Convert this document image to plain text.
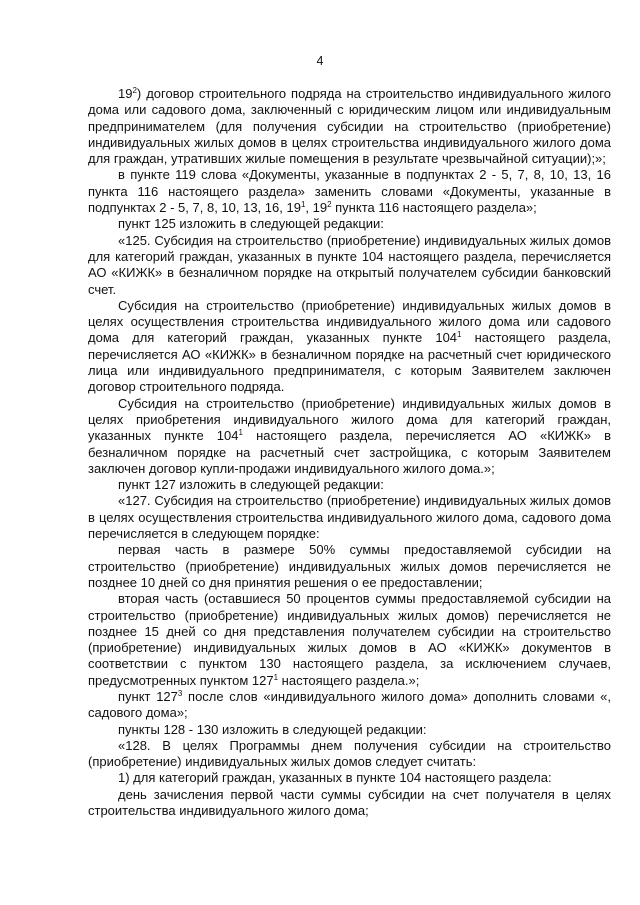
4

$19^2$) договор строительного подряда на строительство индивидуального жилого дома или садового дома, заключенный с юридическим лицом или индивидуальным предпринимателем (для получения субсидии на строительство (приобретение) индивидуальных жилых домов в целях строительства индивидуального жилого дома для граждан, утративших жилые помещения в результате чрезвычайной ситуации);»;

в пункте 119 слова «Документы, указанные в подпунктах 2 - 5, 7, 8, 10, 13, 16 пункта 116 настоящего раздела» заменить словами «Документы, указанные в подпунктах 2 - 5, 7, 8, 10, 13, 16, $19^1$, $19^2$ пункта 116 настоящего раздела»;

пункт 125 изложить в следующей редакции:

«125. Субсидия на строительство (приобретение) индивидуальных жилых домов для категорий граждан, указанных в пункте 104 настоящего раздела, перечисляется АО «КИЖК» в безналичном порядке на открытый получателем субсидии банковский счет.

Субсидия на строительство (приобретение) индивидуальных жилых домов в целях осуществления строительства индивидуального жилого дома или садового дома для категорий граждан, указанных пункте $104^1$ настоящего раздела, перечисляется АО «КИЖК» в безналичном порядке на расчетный счет юридического лица или индивидуального предпринимателя, с которым Заявителем заключен договор строительного подряда.

Субсидия на строительство (приобретение) индивидуальных жилых домов в целях приобретения индивидуального жилого дома для категорий граждан, указанных пункте $104^1$ настоящего раздела, перечисляется АО «КИЖК» в безналичном порядке на расчетный счет застройщика, с которым Заявителем заключен договор купли-продажи индивидуального жилого дома.»;

пункт 127 изложить в следующей редакции:

«127. Субсидия на строительство (приобретение) индивидуальных жилых домов в целях осуществления строительства индивидуального жилого дома, садового дома перечисляется в следующем порядке:

первая часть в размере 50% суммы предоставляемой субсидии на строительство (приобретение) индивидуальных жилых домов перечисляется не позднее 10 дней со дня принятия решения о ее предоставлении;

вторая часть (оставшиеся 50 процентов суммы предоставляемой субсидии на строительство (приобретение) индивидуальных жилых домов) перечисляется не позднее 15 дней со дня представления получателем субсидии на строительство (приобретение) индивидуальных жилых домов в АО «КИЖК» документов в соответствии с пунктом 130 настоящего раздела, за исключением случаев, предусмотренных пунктом $127^1$ настоящего раздела.»;

пункт $127^3$ после слов «индивидуального жилого дома» дополнить словами «, садового дома»;

пункты 128 - 130 изложить в следующей редакции:

«128. В целях Программы днем получения субсидии на строительство (приобретение) индивидуальных жилых домов следует считать:

1) для категорий граждан, указанных в пункте 104 настоящего раздела:

день зачисления первой части суммы субсидии на счет получателя в целях строительства индивидуального жилого дома;
